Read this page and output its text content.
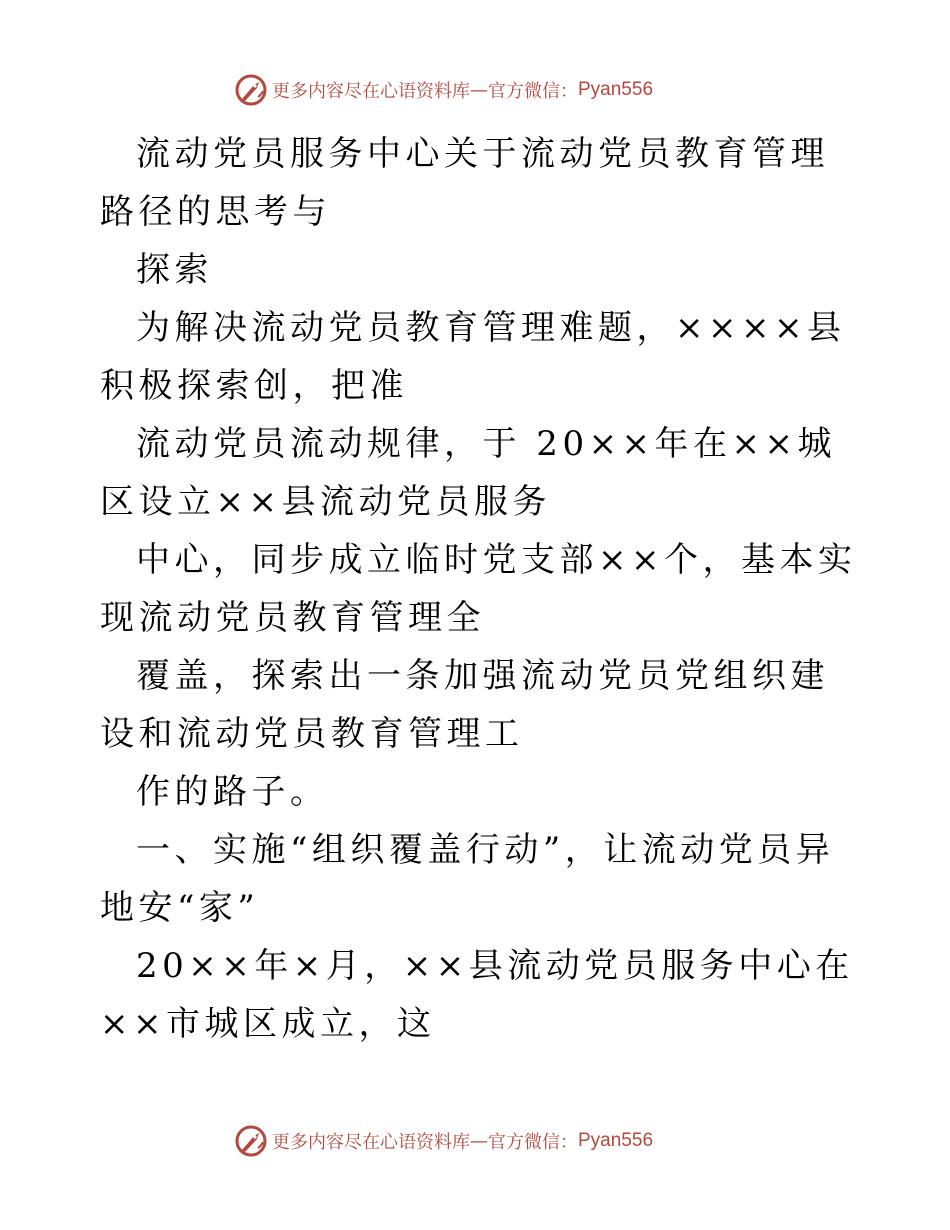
更多内容尽在心语资料库 — 官方微信： Pyan556

流动党员服务中心关于流动党员教育管理路径的思考与

探索

为解决流动党员教育管理难题，××××县积极探索创，把准

流动党员流动规律，于 20××年在××城区设立××县流动党员服务

中心，同步成立临时党支部××个，基本实现流动党员教育管理全

覆盖，探索出一条加强流动党员党组织建设和流动党员教育管理工

作的路子。

一、实施“组织覆盖行动”，让流动党员异地安“家”

20××年×月，××县流动党员服务中心在××市城区成立，这

更多内容尽在心语资料库 — 官方微信： Pyan556
